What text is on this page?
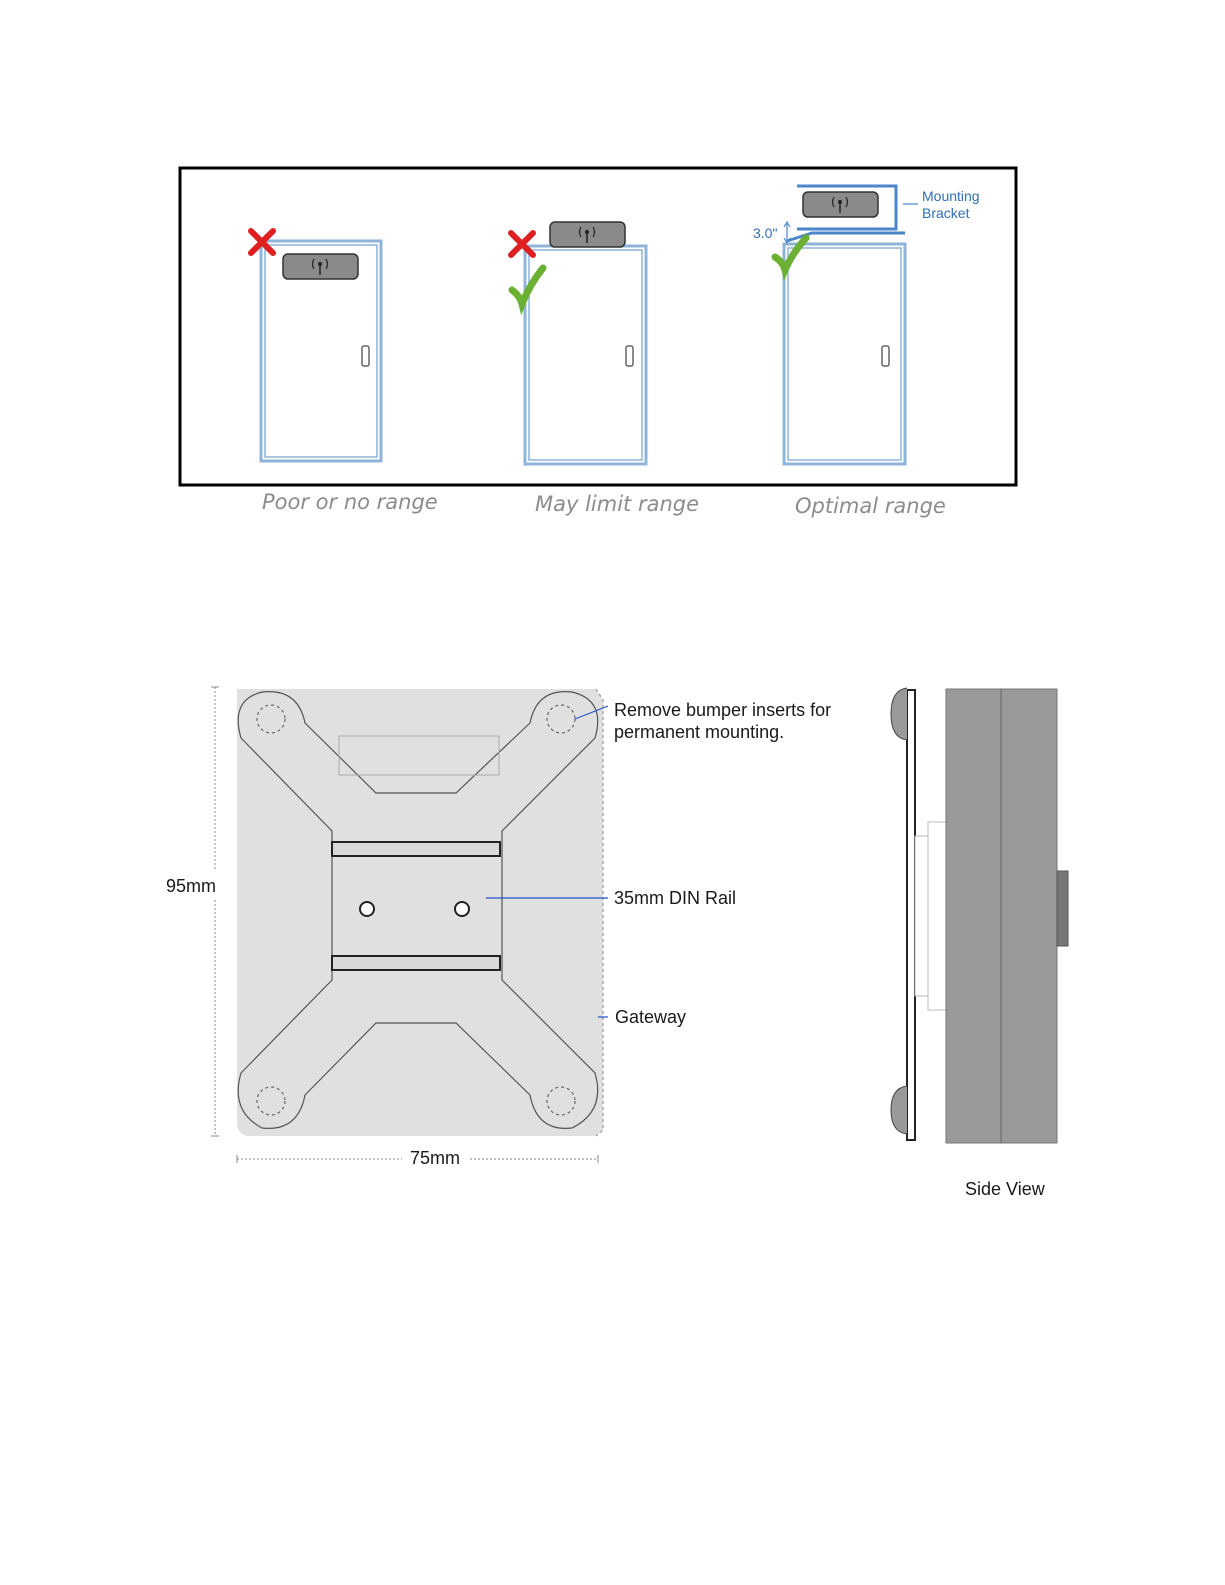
Poor or no range	May limit range	Optimal range
Mounting Bracket
3.0"
95mm
75mm
Remove bumper inserts for permanent mounting.
35mm DIN Rail
Gateway
Side View
